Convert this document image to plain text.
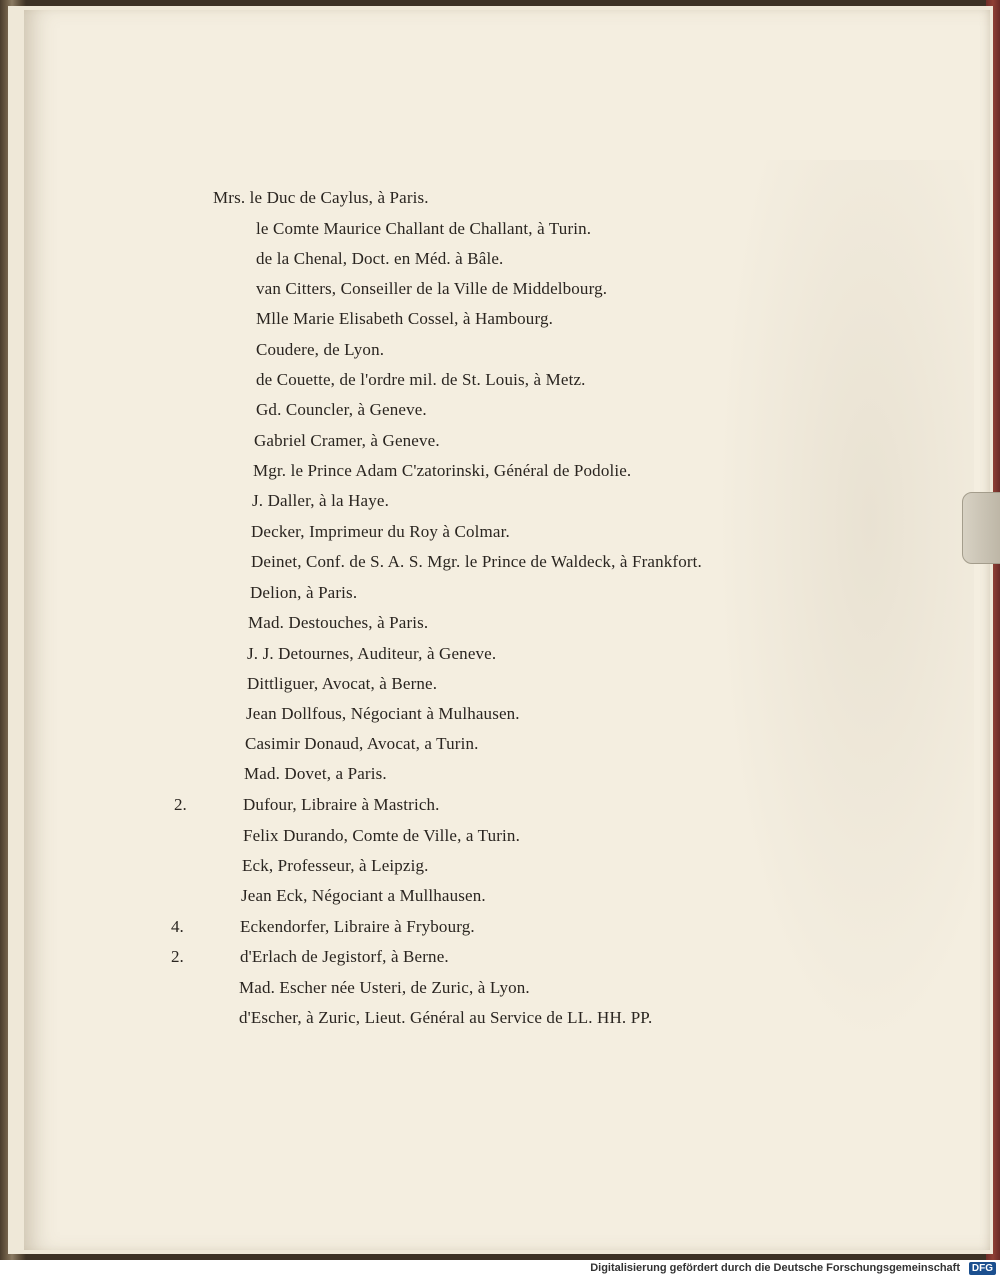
Mrs. le Duc de Caylus, à Paris.
le Comte Maurice Challant de Challant, à Turin.
de la Chenal, Doct. en Méd. à Bâle.
van Citters, Conseiller de la Ville de Middelbourg.
Mlle Marie Elisabeth Cossel, à Hambourg.
Coudere, de Lyon.
de Couette, de l'ordre mil. de St. Louis, à Metz.
Gd. Councler, à Geneve.
Gabriel Cramer, à Geneve.
Mgr. le Prince Adam C'zatorinski, Général de Podolie.
J. Daller, à la Haye.
Decker, Imprimeur du Roy à Colmar.
Deinet, Conf. de S. A. S. Mgr. le Prince de Waldeck, à Frankfort.
Delion, à Paris.
Mad. Destouches, à Paris.
J. J. Detournes, Auditeur, à Geneve.
Dittliguer, Avocat, à Berne.
Jean Dollfous, Négociant à Mulhausen.
Casimir Donaud, Avocat, a Turin.
Mad. Dovet, a Paris.
2.	Dufour, Libraire à Mastrich.
Felix Durando, Comte de Ville, a Turin.
Eck, Professeur, à Leipzig.
Jean Eck, Négociant a Mullhausen.
4.	Eckendorfer, Libraire à Frybourg.
2.	d'Erlach de Jegistorf, à Berne.
Mad. Escher née Usteri, de Zuric, à Lyon.
d'Escher, à Zuric, Lieut. Général au Service de LL. HH. PP.
Digitalisierung gefördert durch die Deutsche Forschungsgemeinschaft	DFG
